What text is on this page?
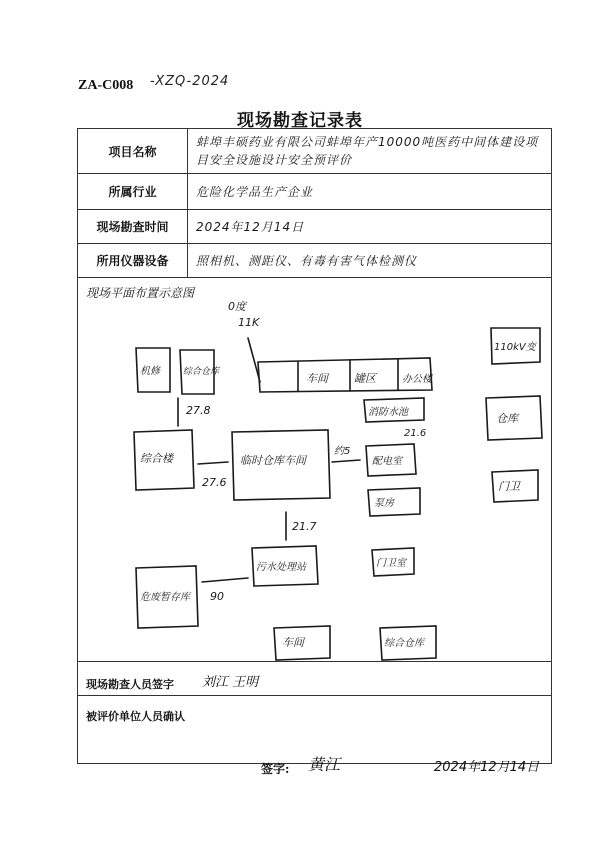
ZA-C008 -XZQ-2024
现场勘查记录表
项目名称
蚌埠丰硕药业有限公司蚌埠年产10000吨医药中间体建设项目安全设施设计安全预评价
所属行业	危险化学品生产企业
现场勘查时间	2024年12月14日
所用仪器设备	照相机、测距仪、有毒有害气体检测仪
现场平面布置示意图
0度
11K
车间 罐区	办公楼
110kV变
机修	综合仓库
27.8
综合楼	临时仓库车间
27.6
约5
消防水池
21.6
配电室
泵房
仓库
门卫
21.7
污水处理站	门卫室
90
危废暂存库
车间	综合仓库
现场勘查人员签字 刘江 王明
被评价单位人员确认
签字: 黄江	2024年12月14日
